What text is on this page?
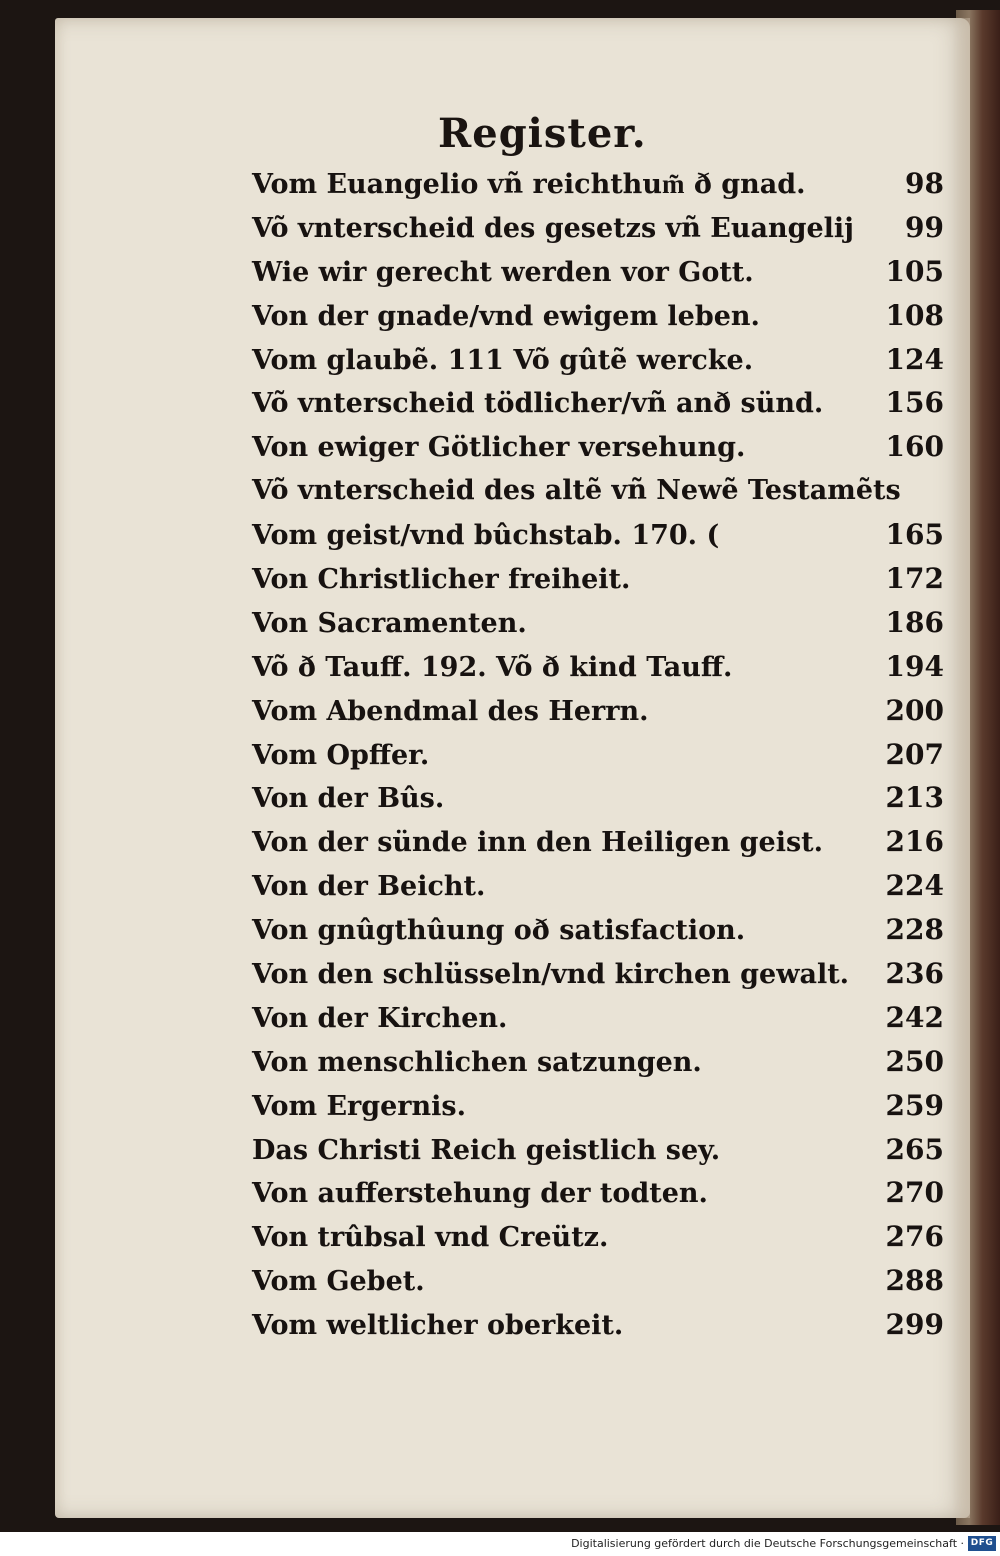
Register.
Vom Euangelio vñ reichthum͂ ð gnad.	98
Võ vnterscheid des gesetzs vñ Euangelij 99
Wie wir gerecht werden vor Gott.	105
Von der gnade/vnd ewigem leben.	108
Vom glaubẽ. 111 Võ gûtẽ wercke.	124
Võ vnterscheid tödlicher/vñ anð sünd. 156
Von ewiger Götlicher versehung.	160
Võ vnterscheid des altẽ vñ Newẽ Testamẽts
Vom geist/vnd bûchstab. 170. (	165
Von Christlicher freiheit.	172
Von Sacramenten.	186
Võ ð Tauff. 192. Võ ð kind Tauff.	194
Vom Abendmal des Herrn.	200
Vom Opffer.	207
Von der Bûs.	213
Von der sünde inn den Heiligen geist. 216
Von der Beicht.	224
Von gnûgthûung oð satisfaction.	228
Von den schlüsseln/vnd kirchen gewalt. 236
Von der Kirchen.	242
Von menschlichen satzungen.	250
Vom Ergernis.	259
Das Christi Reich geistlich sey.	265
Von aufferstehung der todten.	270
Von trûbsal vnd Creütz.	276
Vom Gebet.	288
Vom weltlicher oberkeit.	299
Digitalisierung gefördert durch die Deutsche Forschungsgemeinschaft · DFG
